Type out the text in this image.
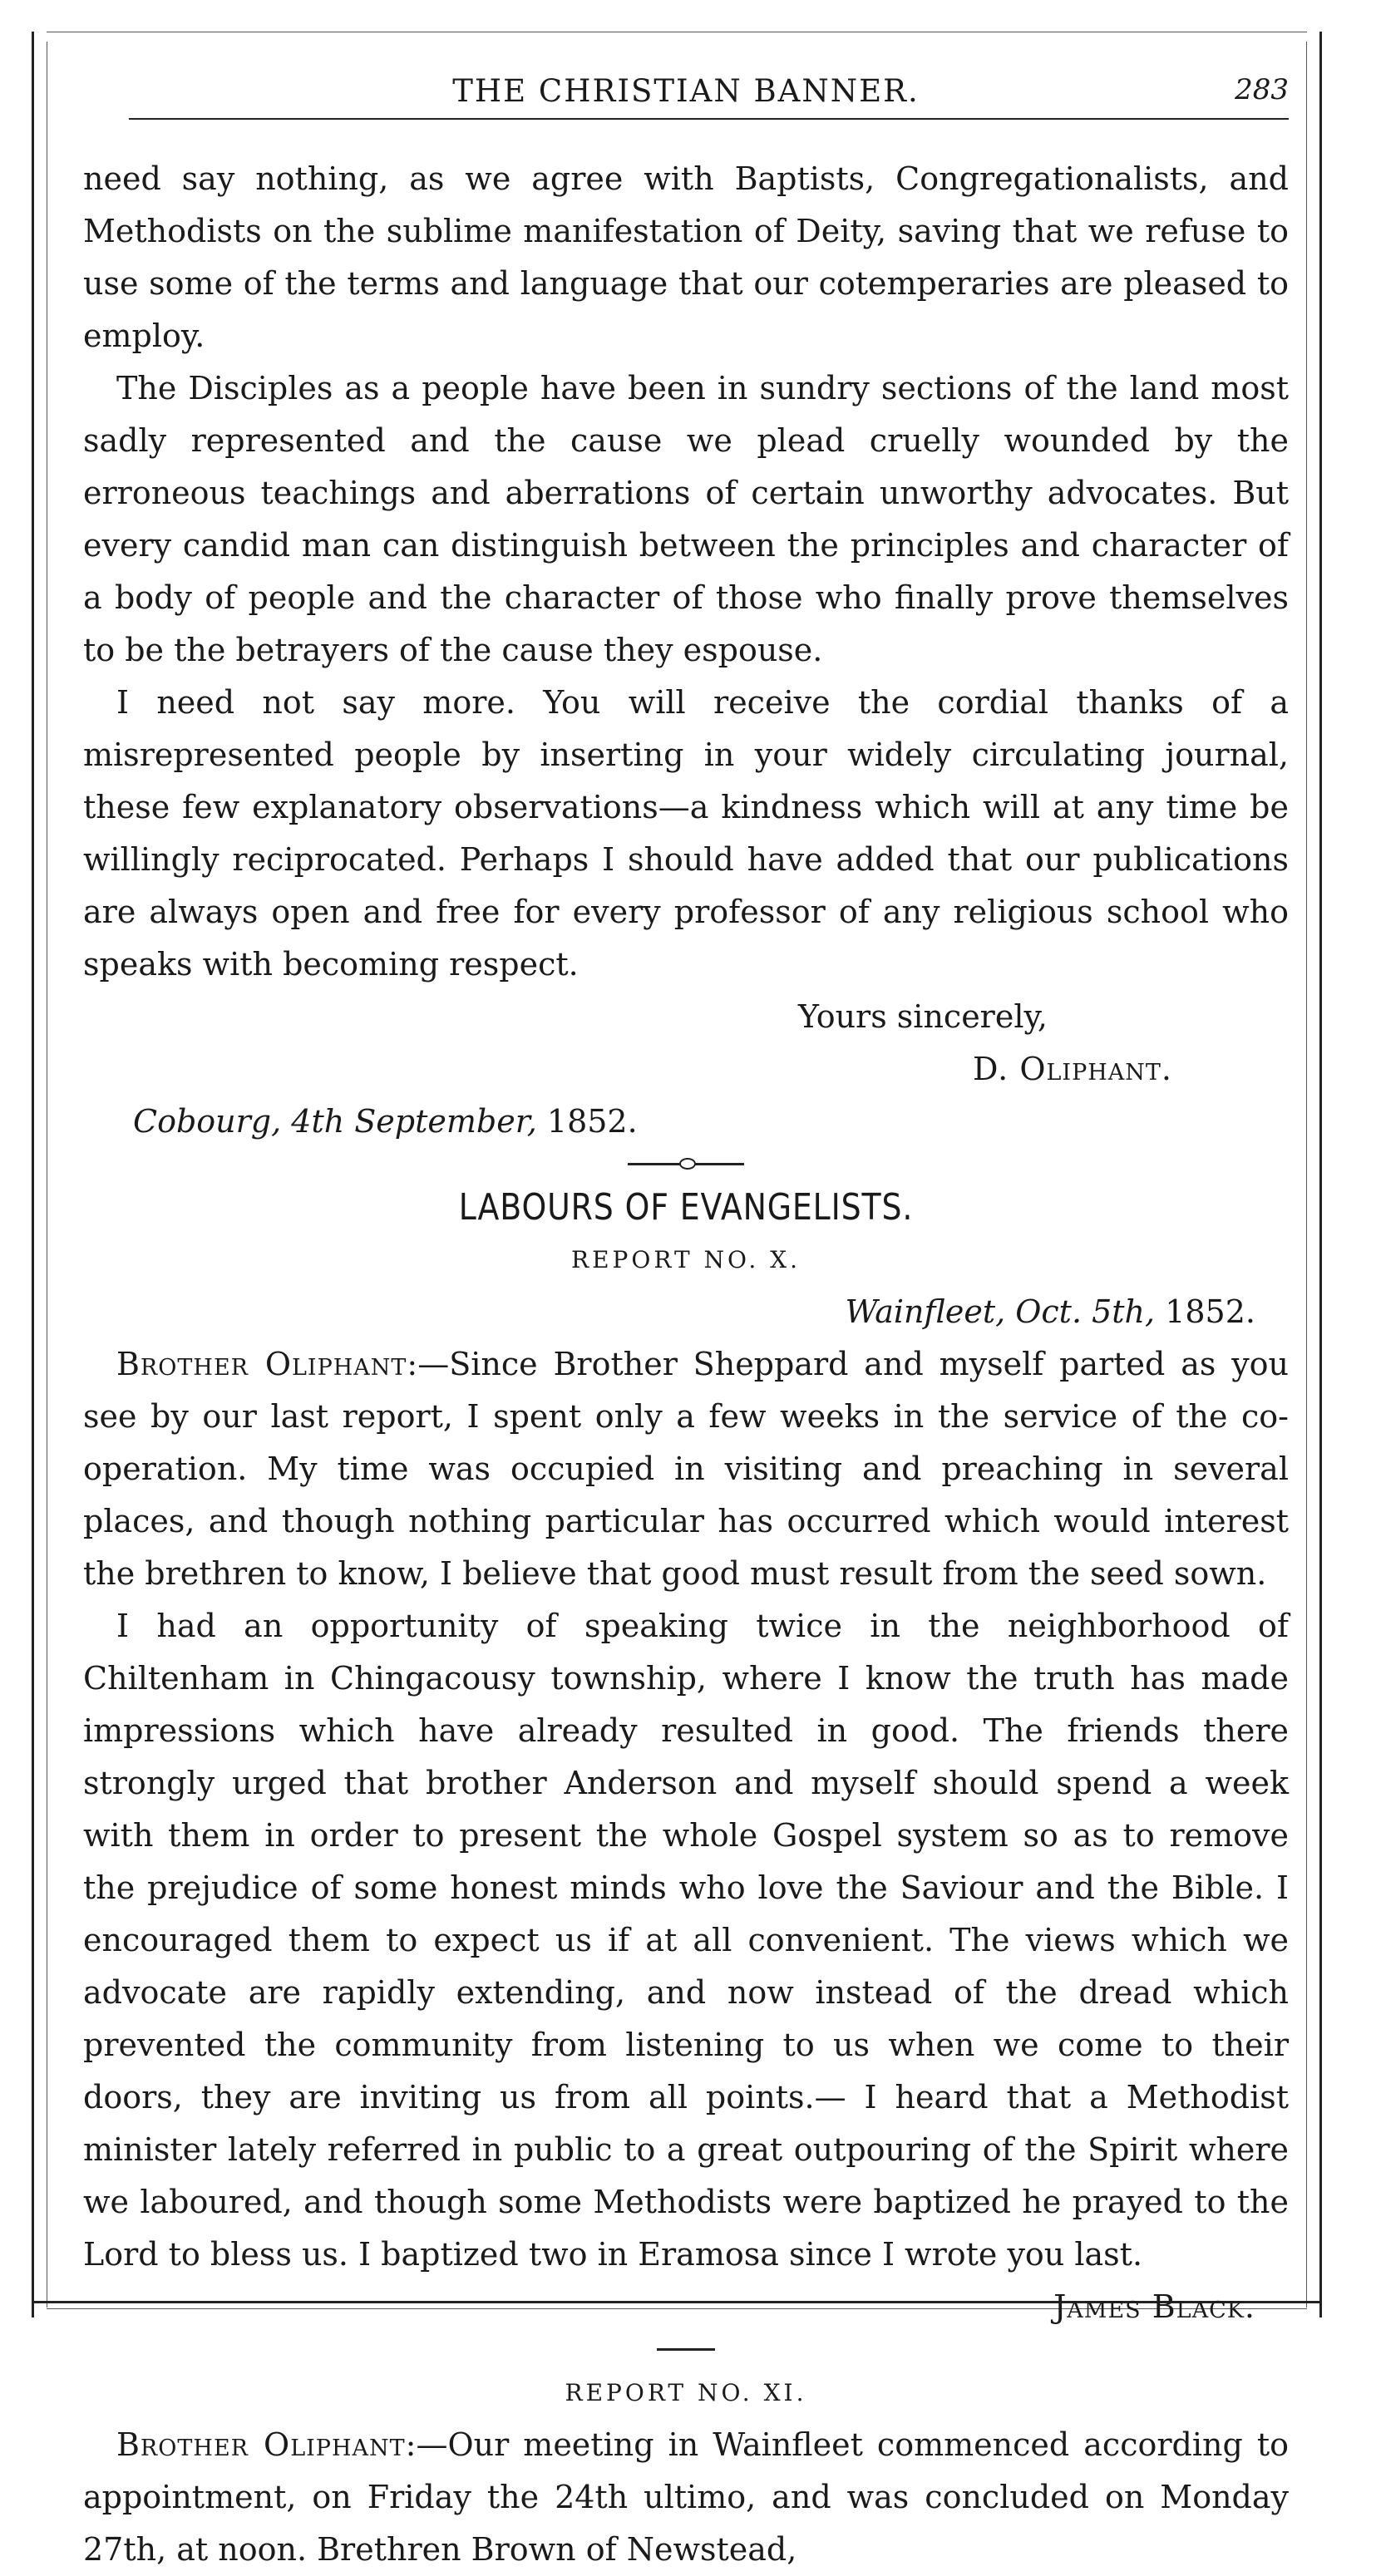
THE CHRISTIAN BANNER.	283

need say nothing, as we agree with Baptists, Congregationalists, and Methodists on the sublime manifestation of Deity, saving that we refuse to use some of the terms and language that our cotemperaries are pleased to employ.

The Disciples as a people have been in sundry sections of the land most sadly represented and the cause we plead cruelly wounded by the erroneous teachings and aberrations of certain unworthy advocates. But every candid man can distinguish between the principles and character of a body of people and the character of those who finally prove themselves to be the betrayers of the cause they espouse.

I need not say more. You will receive the cordial thanks of a misrepresented people by inserting in your widely circulating journal, these few explanatory observations—a kindness which will at any time be willingly reciprocated. Perhaps I should have added that our publications are always open and free for every professor of any religious school who speaks with becoming respect.

Yours sincerely,

D. Oliphant.

Cobourg, 4th September, 1852.

LABOURS OF EVANGELISTS.
REPORT NO. X.

Wainfleet, Oct. 5th, 1852.

Brother Oliphant:—Since Brother Sheppard and myself parted as you see by our last report, I spent only a few weeks in the service of the co-operation. My time was occupied in visiting and preaching in several places, and though nothing particular has occurred which would interest the brethren to know, I believe that good must result from the seed sown.

I had an opportunity of speaking twice in the neighborhood of Chiltenham in Chingacousy township, where I know the truth has made impressions which have already resulted in good. The friends there strongly urged that brother Anderson and myself should spend a week with them in order to present the whole Gospel system so as to remove the prejudice of some honest minds who love the Saviour and the Bible. I encouraged them to expect us if at all convenient. The views which we advocate are rapidly extending, and now instead of the dread which prevented the community from listening to us when we come to their doors, they are inviting us from all points.— I heard that a Methodist minister lately referred in public to a great outpouring of the Spirit where we laboured, and though some Methodists were baptized he prayed to the Lord to bless us. I baptized two in Eramosa since I wrote you last.

James Black.

REPORT NO. XI.

Brother Oliphant:—Our meeting in Wainfleet commenced according to appointment, on Friday the 24th ultimo, and was concluded on Monday 27th, at noon. Brethren Brown of Newstead,
